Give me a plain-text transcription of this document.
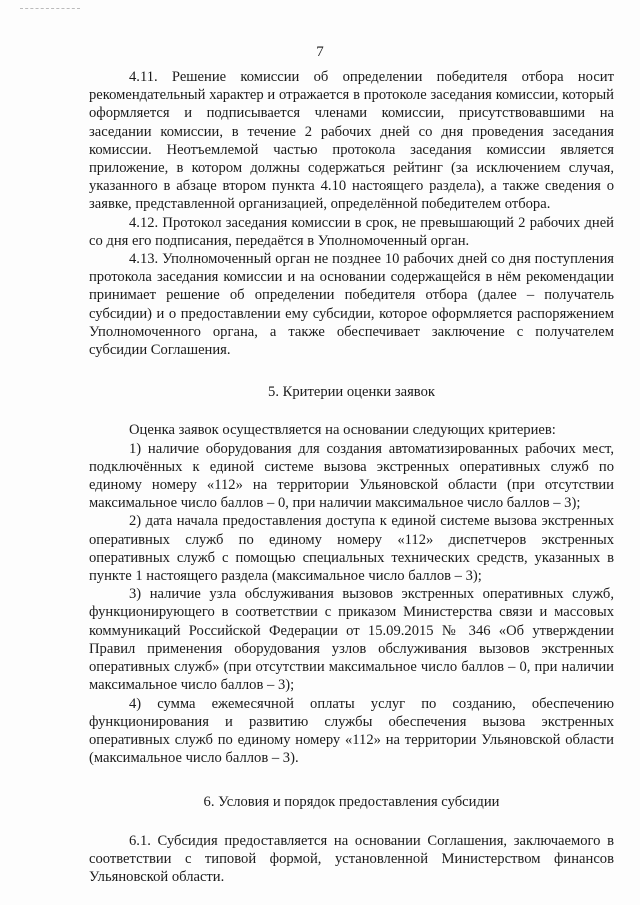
7

4.11. Решение комиссии об определении победителя отбора носит рекомендательный характер и отражается в протоколе заседания комиссии, который оформляется и подписывается членами комиссии, присутствовавшими на заседании комиссии, в течение 2 рабочих дней со дня проведения заседания комиссии. Неотъемлемой частью протокола заседания комиссии является приложение, в котором должны содержаться рейтинг (за исключением случая, указанного в абзаце втором пункта 4.10 настоящего раздела), а также сведения о заявке, представленной организацией, определённой победителем отбора.

4.12. Протокол заседания комиссии в срок, не превышающий 2 рабочих дней со дня его подписания, передаётся в Уполномоченный орган.

4.13. Уполномоченный орган не позднее 10 рабочих дней со дня поступления протокола заседания комиссии и на основании содержащейся в нём рекомендации принимает решение об определении победителя отбора (далее – получатель субсидии) и о предоставлении ему субсидии, которое оформляется распоряжением Уполномоченного органа, а также обеспечивает заключение с получателем субсидии Соглашения.

5. Критерии оценки заявок

Оценка заявок осуществляется на основании следующих критериев:

1) наличие оборудования для создания автоматизированных рабочих мест, подключённых к единой системе вызова экстренных оперативных служб по единому номеру «112» на территории Ульяновской области (при отсутствии максимальное число баллов – 0, при наличии максимальное число баллов – 3);

2) дата начала предоставления доступа к единой системе вызова экстренных оперативных служб по единому номеру «112» диспетчеров экстренных оперативных служб с помощью специальных технических средств, указанных в пункте 1 настоящего раздела (максимальное число баллов – 3);

3) наличие узла обслуживания вызовов экстренных оперативных служб, функционирующего в соответствии с приказом Министерства связи и массовых коммуникаций Российской Федерации от 15.09.2015 № 346 «Об утверждении Правил применения оборудования узлов обслуживания вызовов экстренных оперативных служб» (при отсутствии максимальное число баллов – 0, при наличии максимальное число баллов – 3);

4) сумма ежемесячной оплаты услуг по созданию, обеспечению функционирования и развитию службы обеспечения вызова экстренных оперативных служб по единому номеру «112» на территории Ульяновской области (максимальное число баллов – 3).

6. Условия и порядок предоставления субсидии

6.1. Субсидия предоставляется на основании Соглашения, заключаемого в соответствии с типовой формой, установленной Министерством финансов Ульяновской области.
